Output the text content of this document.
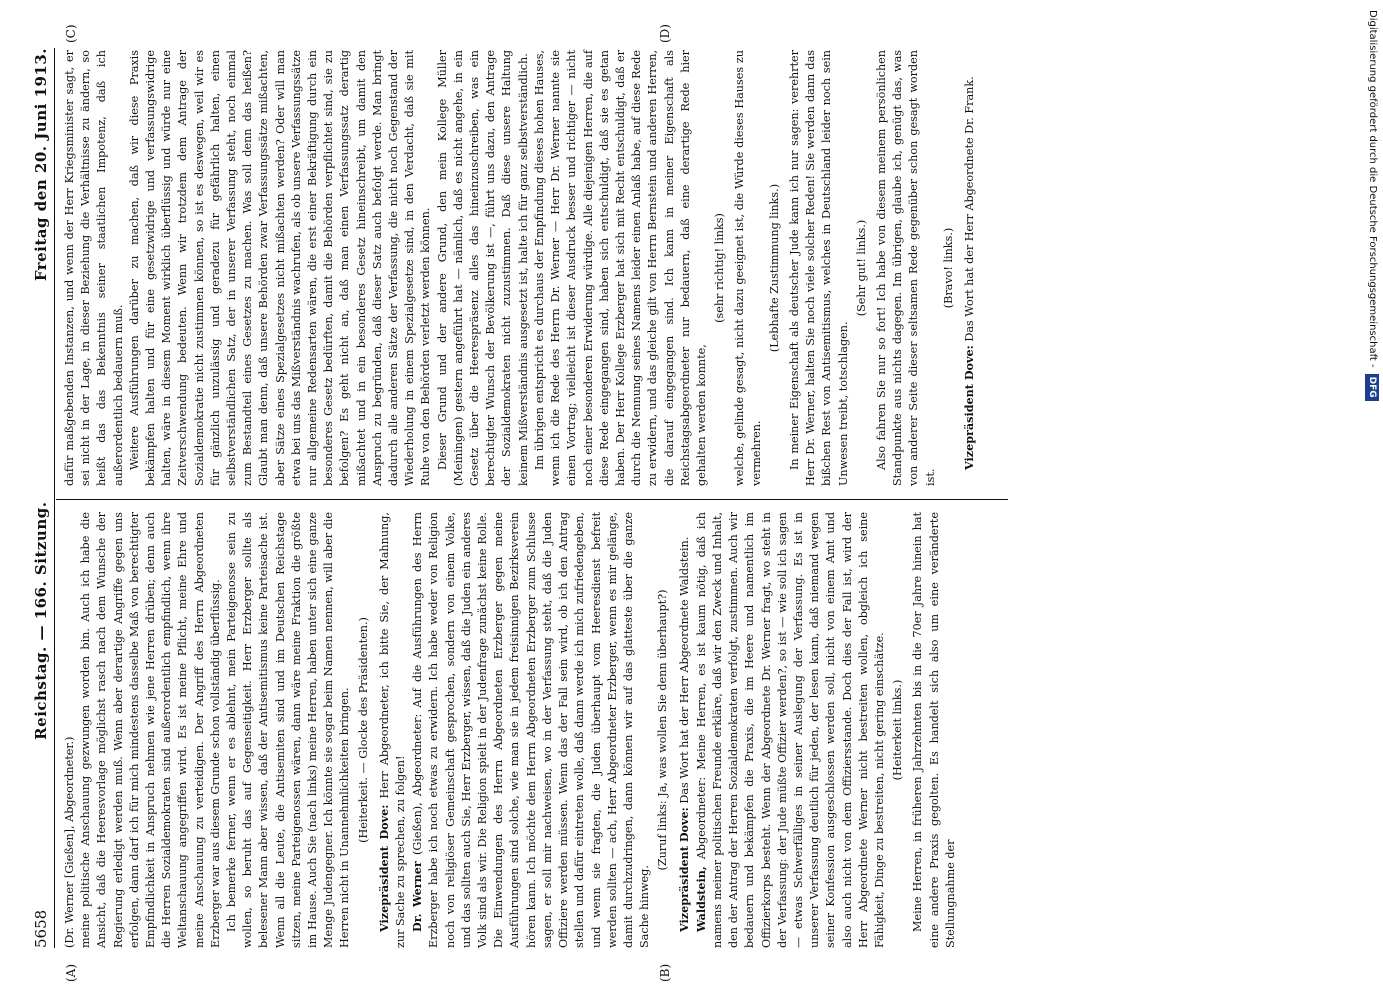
5658
Reichstag. — 166. Sitzung.
Freitag den 20. Juni 1913.
(A)	(B)
(C)	(D)

(Dr. Werner [Gießen], Abgeordneter.) meine politische Anschauung gezwungen worden bin. Auch ich habe die Ansicht, daß die Heeresvorlage möglichst rasch nach dem Wunsche der Regierung erledigt werden muß. Wenn aber derartige Angriffe gegen uns erfolgen, dann darf ich für mich mindestens dasselbe Maß von berechtigter Empfindlichkeit in Anspruch nehmen wie jene Herren drüben; denn auch die Herren Sozialdemokraten sind außerordentlich empfindlich, wenn ihre Weltanschauung angegriffen wird. Es ist meine Pflicht, meine Ehre und meine Anschauung zu verteidigen. Der Angriff des Herrn Abgeordneten Erzberger war aus diesem Grunde schon vollständig überflüssig. Ich bemerke ferner, wenn er es ablehnt, mein Parteigenosse sein zu wollen, so beruht das auf Gegenseitigkeit. Herr Erzberger sollte als belesener Mann aber wissen, daß der Antisemitismus keine Parteisache ist. Wenn all die Leute, die Antisemiten sind und im Deutschen Reichstage sitzen, meine Parteigenossen wären, dann wäre meine Fraktion die größte im Hause. Auch Sie (nach links) meine Herren, haben unter sich eine ganze Menge Judengegner. Ich könnte sie sogar beim Namen nennen, will aber die Herren nicht in Unannehmlichkeiten bringen. (Heiterkeit. — Glocke des Präsidenten.)

Vizepräsident Dove: Herr Abgeordneter, ich bitte Sie, der Mahnung, zur Sache zu sprechen, zu folgen! Dr. Werner (Gießen), Abgeordneter: Auf die Ausführungen des Herrn Erzberger habe ich noch etwas zu erwidern. Ich habe weder von Religion noch von religiöser Gemeinschaft gesprochen, sondern von einem Volke, und das sollten auch Sie, Herr Erzberger, wissen, daß die Juden ein anderes Volk sind als wir. Die Religion spielt in der Judenfrage zunächst keine Rolle. Die Einwendungen des Herrn Abgeordneten Erzberger gegen meine Ausführungen sind solche, wie man sie in jedem freisinnigen Bezirksverein hören kann. Ich möchte dem Herrn Abgeordneten Erzberger zum Schlusse sagen, er soll mir nachweisen, wo in der Verfassung steht, daß die Juden Offiziere werden müssen. Wenn das der Fall sein wird, ob ich den Antrag stellen und dafür eintreten wolle, daß dann werde ich mich zufriedengeben, und wenn sie fragten, die Juden überhaupt vom Heeresdienst befreit werden sollten — ach, Herr Abgeordneter Erzberger, wenn es mir gelänge, damit durchzudringen, dann können wir auf das glatteste über die ganze Sache hinweg.

(Zuruf links: Ja, was wollen Sie denn überhaupt?) Vizepräsident Dove: Das Wort hat der Herr Abgeordnete Waldstein.

Waldstein, Abgeordneter: Meine Herren, es ist kaum nötig, daß ich namens meiner politischen Freunde erkläre, daß wir den Zweck und Inhalt, den der Antrag der Herren Sozialdemokraten verfolgt, zustimmen. Auch wir bedauern und bekämpfen die Praxis, die im Heere und namentlich im Offizierkorps besteht. Wenn der Abgeordnete Dr. Werner fragt, wo steht in der Verfassung: der Jude müßte Offizier werden?, so ist — wie soll ich sagen — etwas Schwerfälliges in seiner Auslegung der Verfassung. Es ist in unserer Verfassung deutlich für jeden, der lesen kann, daß niemand wegen seiner Konfession ausgeschlossen werden soll, nicht von einem Amt und also auch nicht von dem Offiziersstande. Doch dies der Fall ist, wird der Herr Abgeordnete Werner nicht bestreiten wollen, obgleich ich seine Fähigkeit, Dinge zu bestreiten, nicht gering einschätze. (Heiterkeit links.) Meine Herren, in früheren Jahrzehnten bis in die 70er Jahre hinein hat eine andere Praxis gegolten. Es handelt sich also um eine veränderte Stellungnahme der

dafür maßgebenden Instanzen, und wenn der Herr Kriegsminister sagt, er sei nicht in der Lage, in dieser Beziehung die Verhältnisse zu ändern, so heißt das das Bekenntnis seiner staatlichen Impotenz, daß ich außerordentlich bedauern muß. Weitere Ausführungen darüber zu machen, daß wir diese Praxis bekämpfen halten und für eine gesetzwidrige und verfassungswidrige halten, wäre in diesem Moment wirklich überflüssig und würde nur eine Zeitverschwendung bedeuten. Wenn wir trotzdem dem Antrage der Sozialdemokratie nicht zustimmen können, so ist es deswegen, weil wir es für gänzlich unzulässig und geradezu für gefährlich halten, einen selbstverständlichen Satz, der in unserer Verfassung steht, noch einmal zum Bestandteil eines Gesetzes zu machen. Was soll denn das heißen? Glaubt man denn, daß unsere Behörden zwar Verfassungssätze mißachten, aber Sätze eines Spezialgesetzes nicht mißachten werden? Oder will man etwa bei uns das Mißverständnis wachrufen, als ob unsere Verfassungssätze nur allgemeine Redensarten wären, die erst einer Bekräftigung durch ein besonderes Gesetz bedürften, damit die Behörden verpflichtet sind, sie zu befolgen? Es geht nicht an, daß man einen Verfassungssatz derartig mißachtet und in ein besonderes Gesetz hineinschreibt, um damit den Anspruch zu begründen, daß dieser Satz auch befolgt werde. Man bringt dadurch alle anderen Sätze der Verfassung, die nicht noch Gegenstand der Wiederholung in einem Spezialgesetze sind, in den Verdacht, daß sie mit Ruhe von den Behörden verletzt werden können. Dieser Grund und der andere Grund, den mein Kollege Müller (Meiningen) gestern angeführt hat — nämlich, daß es nicht angehe, in ein Gesetz über die Heerespräsenz alles das hineinzuschreiben, was ein berechtigter Wunsch der Bevölkerung ist —, führt uns dazu, den Antrage der Sozialdemokraten nicht zuzustimmen. Daß diese unsere Haltung keinem Mißverständnis ausgesetzt ist, halte ich für ganz selbstverständlich. Im übrigen entspricht es durchaus der Empfindung dieses hohen Hauses, wenn ich die Rede des Herrn Dr. Werner — Herr Dr. Werner nannte sie einen Vortrag; vielleicht ist dieser Ausdruck besser und richtiger — nicht noch einer besonderen Erwiderung würdige. Alle diejenigen Herren, die auf diese Rede eingegangen sind, haben sich entschuldigt, daß sie es getan haben. Der Herr Kollege Erzberger hat sich mit Recht entschuldigt, daß er durch die Nennung seines Namens leider einen Anlaß habe, auf diese Rede zu erwidern, und das gleiche gilt von Herrn Bernstein und anderen Herren, die darauf eingegangen sind. Ich kann in meiner Eigenschaft als Reichstagsabgeordneter nur bedauern, daß eine derartige Rede hier gehalten werden konnte,

(sehr richtig! links) welche, gelinde gesagt, nicht dazu geeignet ist, die Würde dieses Hauses zu vermehren.

(Lebhafte Zustimmung links.) In meiner Eigenschaft als deutscher Jude kann ich nur sagen: verehrter Herr Dr. Werner, halten Sie noch viele solcher Reden! Sie werden dann das bißchen Rest von Antisemitismus, welches in Deutschland leider noch sein Unwesen treibt, totschlagen.

(Sehr gut! links.) Also fahren Sie nur so fort! Ich habe von diesem meinem persönlichen Standpunkte aus nichts dagegen. Im übrigen, glaube ich, genügt das, was von anderer Seite dieser seltsamen Rede gegenüber schon gesagt worden ist.

(Bravo! links.)

Vizepräsident Dove: Das Wort hat der Herr Abgeordnete Dr. Frank.	Digitalisierung gefördert durch die Deutsche Forschungsgemeinschaft -
DFG
